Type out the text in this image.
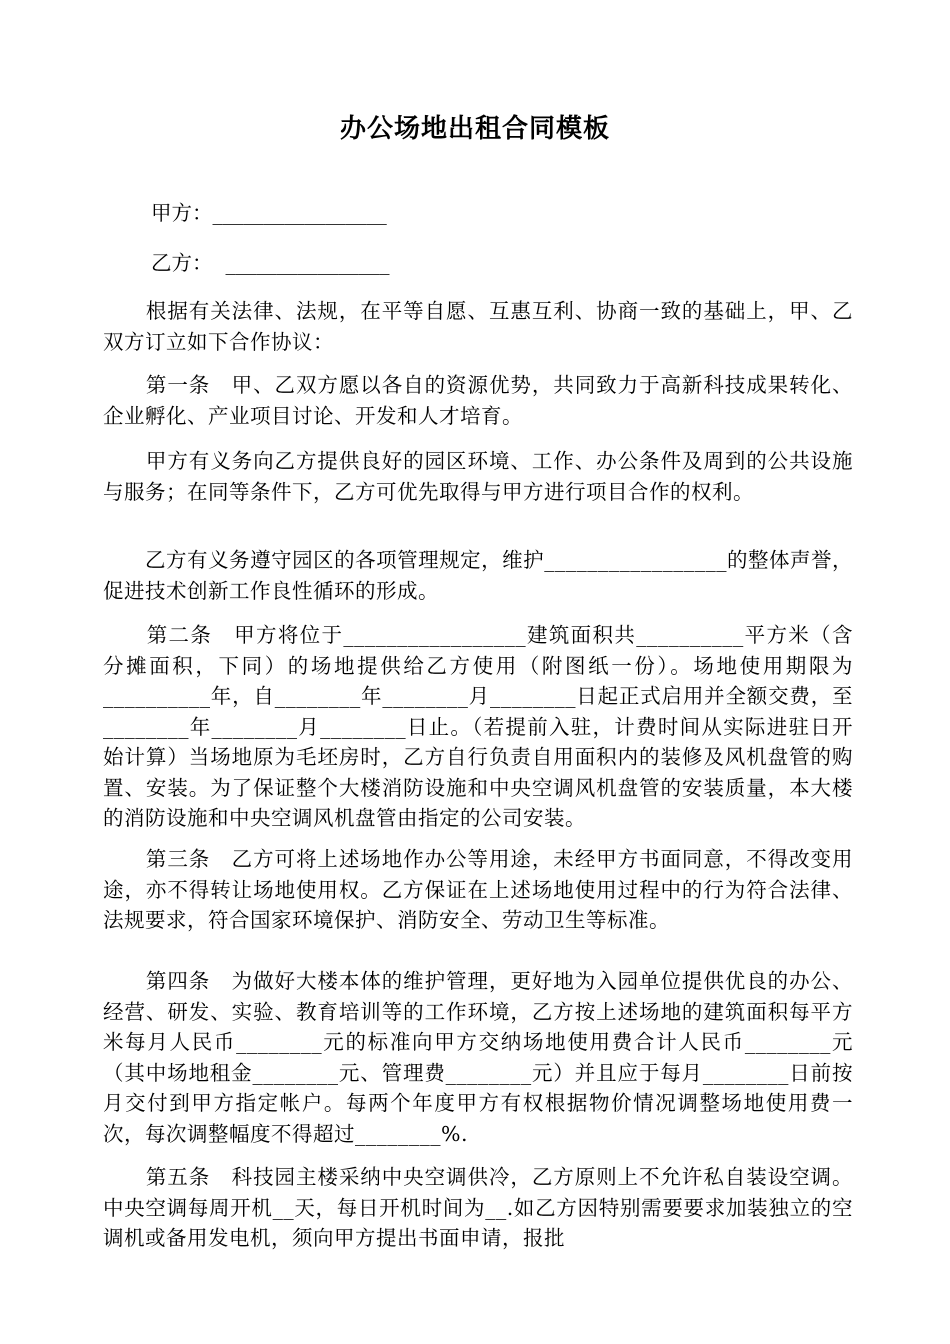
办公场地出租合同模板
甲方：_________________
乙方：  ________________

　　根据有关法律、法规，在平等自愿、互惠互利、协商一致的基础上，甲、乙双方订立如下合作协议：

　　第一条　甲、乙双方愿以各自的资源优势，共同致力于高新科技成果转化、企业孵化、产业项目讨论、开发和人才培育。

　　甲方有义务向乙方提供良好的园区环境、工作、办公条件及周到的公共设施与服务；在同等条件下，乙方可优先取得与甲方进行项目合作的权利。

　　乙方有义务遵守园区的各项管理规定，维护_________________的整体声誉，促进技术创新工作良性循环的形成。

　　第二条　甲方将位于_________________建筑面积共__________平方米（含分摊面积，下同）的场地提供给乙方使用（附图纸一份）。场地使用期限为__________年，自________年________月________日起正式启用并全额交费，至________年________月________日止。（若提前入驻，计费时间从实际进驻日开始计算）当场地原为毛坯房时，乙方自行负责自用面积内的装修及风机盘管的购置、安装。为了保证整个大楼消防设施和中央空调风机盘管的安装质量，本大楼的消防设施和中央空调风机盘管由指定的公司安装。

　　第三条　乙方可将上述场地作办公等用途，未经甲方书面同意，不得改变用途，亦不得转让场地使用权。乙方保证在上述场地使用过程中的行为符合法律、法规要求，符合国家环境保护、消防安全、劳动卫生等标准。

　　第四条　为做好大楼本体的维护管理，更好地为入园单位提供优良的办公、经营、研发、实验、教育培训等的工作环境，乙方按上述场地的建筑面积每平方米每月人民币________元的标准向甲方交纳场地使用费合计人民币________元（其中场地租金________元、管理费________元）并且应于每月________日前按月交付到甲方指定帐户。每两个年度甲方有权根据物价情况调整场地使用费一次，每次调整幅度不得超过________%.

　　第五条　科技园主楼采纳中央空调供冷，乙方原则上不允许私自装设空调。中央空调每周开机__天，每日开机时间为__.如乙方因特别需要要求加装独立的空调机或备用发电机，须向甲方提出书面申请，报批
